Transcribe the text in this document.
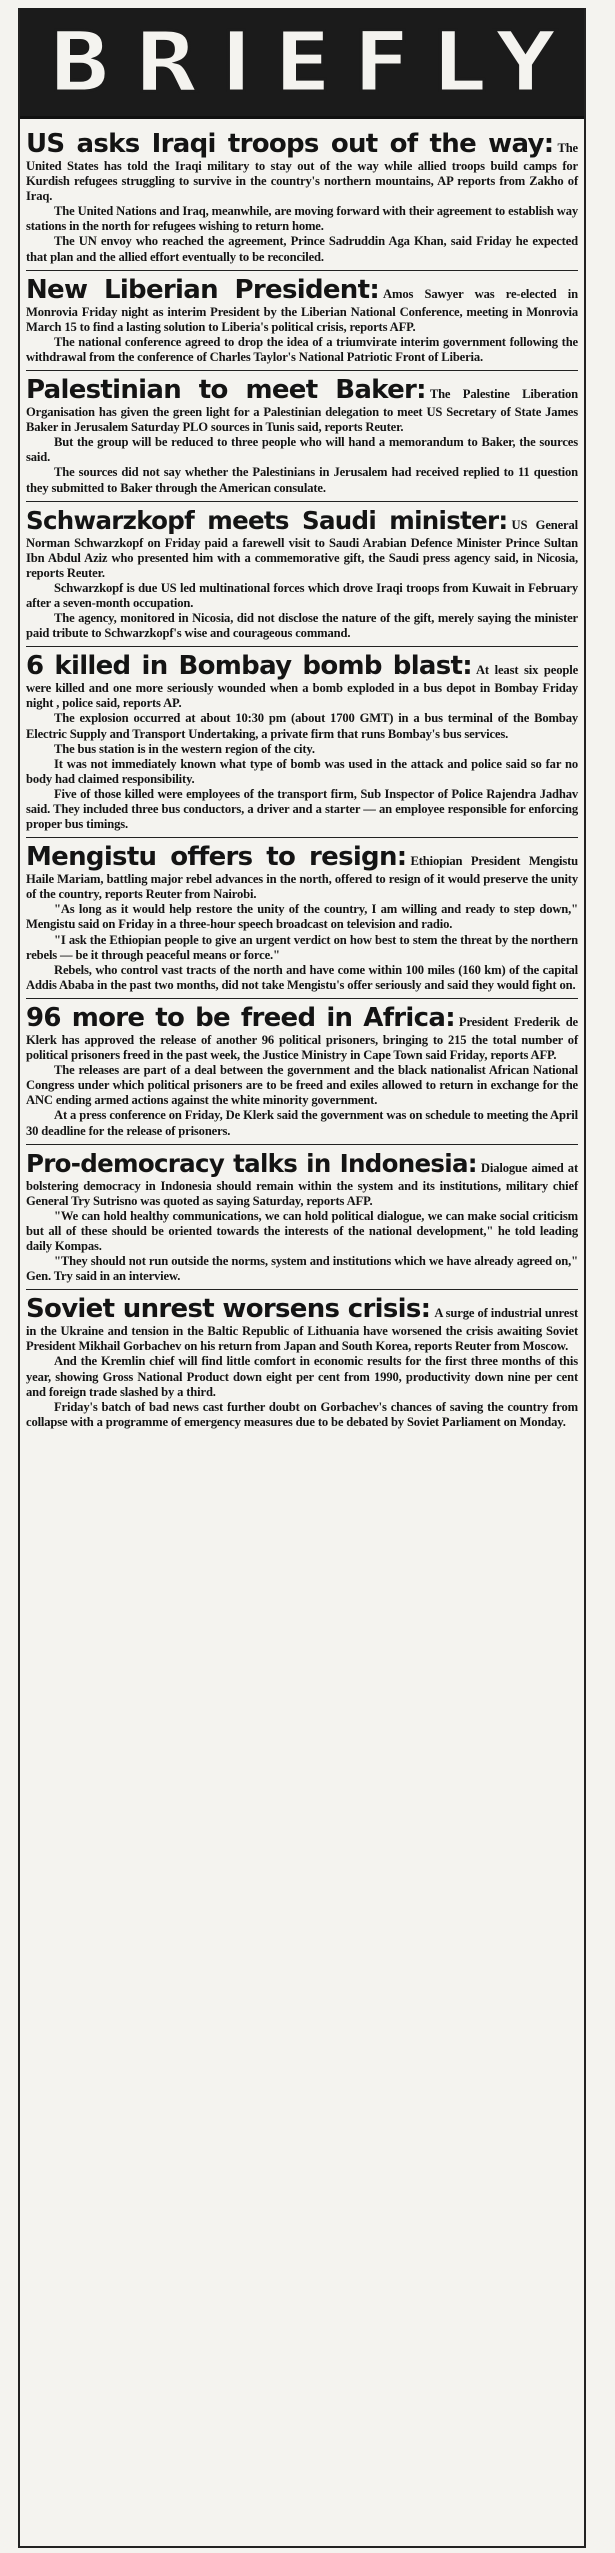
BRIEFLY

US asks Iraqi troops out of the way: The United States has told the Iraqi military to stay out of the way while allied troops build camps for Kurdish refugees struggling to survive in the country's northern mountains, AP reports from Zakho of Iraq.

The United Nations and Iraq, meanwhile, are moving forward with their agreement to establish way stations in the north for refugees wishing to return home.

The UN envoy who reached the agreement, Prince Sadruddin Aga Khan, said Friday he expected that plan and the allied effort eventually to be reconciled.

New Liberian President: Amos Sawyer was re-elected in Monrovia Friday night as interim President by the Liberian National Conference, meeting in Monrovia March 15 to find a lasting solution to Liberia's political crisis, reports AFP.

The national conference agreed to drop the idea of a triumvirate interim government following the withdrawal from the conference of Charles Taylor's National Patriotic Front of Liberia.

Palestinian to meet Baker: The Palestine Liberation Organisation has given the green light for a Palestinian delegation to meet US Secretary of State James Baker in Jerusalem Saturday PLO sources in Tunis said, reports Reuter.

But the group will be reduced to three people who will hand a memorandum to Baker, the sources said.

The sources did not say whether the Palestinians in Jerusalem had received replied to 11 question they submitted to Baker through the American consulate.

Schwarzkopf meets Saudi minister: US General Norman Schwarzkopf on Friday paid a farewell visit to Saudi Arabian Defence Minister Prince Sultan Ibn Abdul Aziz who presented him with a commemorative gift, the Saudi press agency said, in Nicosia, reports Reuter.

Schwarzkopf is due US led multinational forces which drove Iraqi troops from Kuwait in February after a seven-month occupation.

The agency, monitored in Nicosia, did not disclose the nature of the gift, merely saying the minister paid tribute to Schwarzkopf's wise and courageous command.

6 killed in Bombay bomb blast: At least six people were killed and one more seriously wounded when a bomb exploded in a bus depot in Bombay Friday night , police said, reports AP.

The explosion occurred at about 10:30 pm (about 1700 GMT) in a bus terminal of the Bombay Electric Supply and Transport Undertaking, a private firm that runs Bombay's bus services.

The bus station is in the western region of the city.

It was not immediately known what type of bomb was used in the attack and police said so far no body had claimed responsibility.

Five of those killed were employees of the transport firm, Sub Inspector of Police Rajendra Jadhav said. They included three bus conductors, a driver and a starter — an employee responsible for enforcing proper bus timings.

Mengistu offers to resign: Ethiopian President Mengistu Haile Mariam, battling major rebel advances in the north, offered to resign of it would preserve the unity of the country, reports Reuter from Nairobi.

"As long as it would help restore the unity of the country, I am willing and ready to step down," Mengistu said on Friday in a three-hour speech broadcast on television and radio.

"I ask the Ethiopian people to give an urgent verdict on how best to stem the threat by the northern rebels — be it through peaceful means or force."

Rebels, who control vast tracts of the north and have come within 100 miles (160 km) of the capital Addis Ababa in the past two months, did not take Mengistu's offer seriously and said they would fight on.

96 more to be freed in Africa: President Frederik de Klerk has approved the release of another 96 political prisoners, bringing to 215 the total number of political prisoners freed in the past week, the Justice Ministry in Cape Town said Friday, reports AFP.

The releases are part of a deal between the government and the black nationalist African National Congress under which political prisoners are to be freed and exiles allowed to return in exchange for the ANC ending armed actions against the white minority government.

At a press conference on Friday, De Klerk said the government was on schedule to meeting the April 30 deadline for the release of prisoners.

Pro-democracy talks in Indonesia: Dialogue aimed at bolstering democracy in Indonesia should remain within the system and its institutions, military chief General Try Sutrisno was quoted as saying Saturday, reports AFP.

"We can hold healthy communications, we can hold political dialogue, we can make social criticism but all of these should be oriented towards the interests of the national development," he told leading daily Kompas.

"They should not run outside the norms, system and institutions which we have already agreed on," Gen. Try said in an interview.

Soviet unrest worsens crisis: A surge of industrial unrest in the Ukraine and tension in the Baltic Republic of Lithuania have worsened the crisis awaiting Soviet President Mikhail Gorbachev on his return from Japan and South Korea, reports Reuter from Moscow.

And the Kremlin chief will find little comfort in economic results for the first three months of this year, showing Gross National Product down eight per cent from 1990, productivity down nine per cent and foreign trade slashed by a third.

Friday's batch of bad news cast further doubt on Gorbachev's chances of saving the country from collapse with a programme of emergency measures due to be debated by Soviet Parliament on Monday.
